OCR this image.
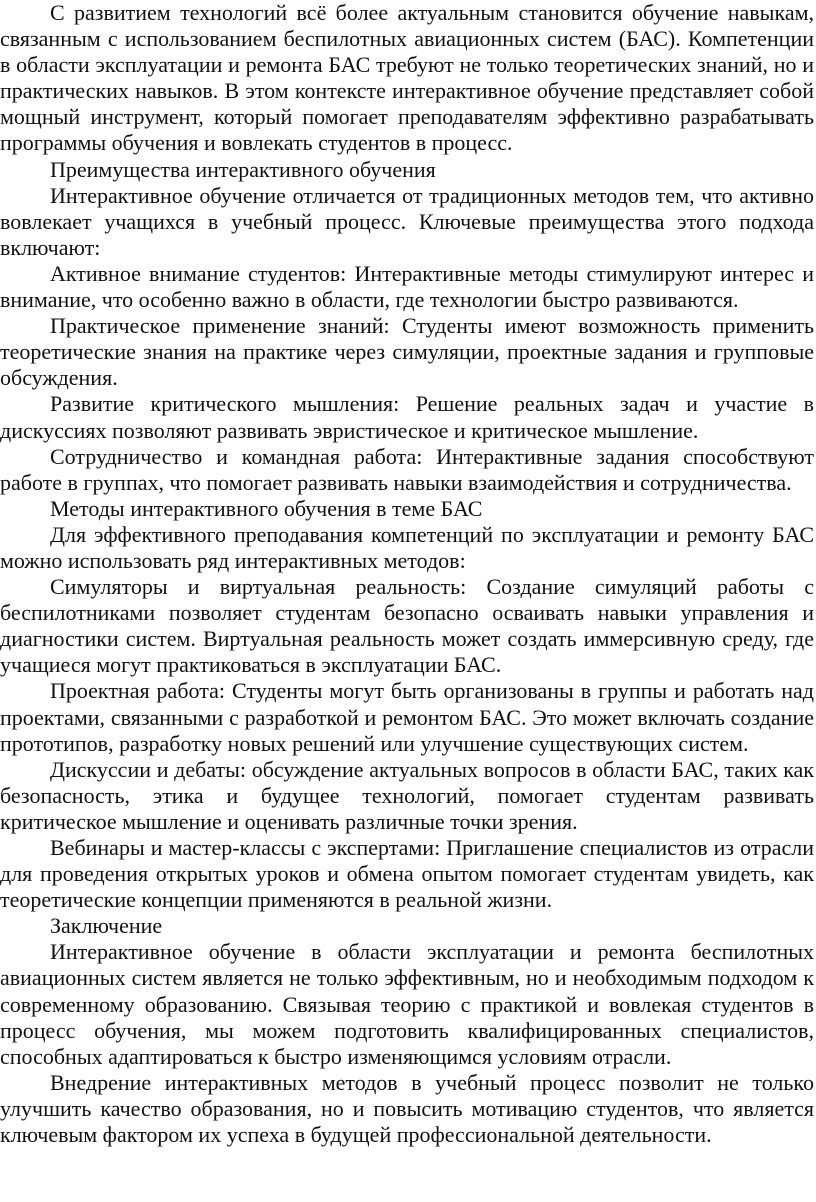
С развитием технологий всё более актуальным становится обучение навыкам, связанным с использованием беспилотных авиационных систем (БАС). Компетенции в области эксплуатации и ремонта БАС требуют не только теоретических знаний, но и практических навыков. В этом контексте интерактивное обучение представляет собой мощный инструмент, который помогает преподавателям эффективно разрабатывать программы обучения и вовлекать студентов в процесс.

Преимущества интерактивного обучения

Интерактивное обучение отличается от традиционных методов тем, что активно вовлекает учащихся в учебный процесс. Ключевые преимущества этого подхода включают:

Активное внимание студентов: Интерактивные методы стимулируют интерес и внимание, что особенно важно в области, где технологии быстро развиваются.

Практическое применение знаний: Студенты имеют возможность применить теоретические знания на практике через симуляции, проектные задания и групповые обсуждения.

Развитие критического мышления: Решение реальных задач и участие в дискуссиях позволяют развивать эвристическое и критическое мышление.

Сотрудничество и командная работа: Интерактивные задания способствуют работе в группах, что помогает развивать навыки взаимодействия и сотрудничества.

Методы интерактивного обучения в теме БАС

Для эффективного преподавания компетенций по эксплуатации и ремонту БАС можно использовать ряд интерактивных методов:

Симуляторы и виртуальная реальность: Создание симуляций работы с беспилотниками позволяет студентам безопасно осваивать навыки управления и диагностики систем. Виртуальная реальность может создать иммерсивную среду, где учащиеся могут практиковаться в эксплуатации БАС.

Проектная работа: Студенты могут быть организованы в группы и работать над проектами, связанными с разработкой и ремонтом БАС. Это может включать создание прототипов, разработку новых решений или улучшение существующих систем.

Дискуссии и дебаты: обсуждение актуальных вопросов в области БАС, таких как безопасность, этика и будущее технологий, помогает студентам развивать критическое мышление и оценивать различные точки зрения.

Вебинары и мастер-классы с экспертами: Приглашение специалистов из отрасли для проведения открытых уроков и обмена опытом помогает студентам увидеть, как теоретические концепции применяются в реальной жизни.

Заключение

Интерактивное обучение в области эксплуатации и ремонта беспилотных авиационных систем является не только эффективным, но и необходимым подходом к современному образованию. Связывая теорию с практикой и вовлекая студентов в процесс обучения, мы можем подготовить квалифицированных специалистов, способных адаптироваться к быстро изменяющимся условиям отрасли.

Внедрение интерактивных методов в учебный процесс позволит не только улучшить качество образования, но и повысить мотивацию студентов, что является ключевым фактором их успеха в будущей профессиональной деятельности.
